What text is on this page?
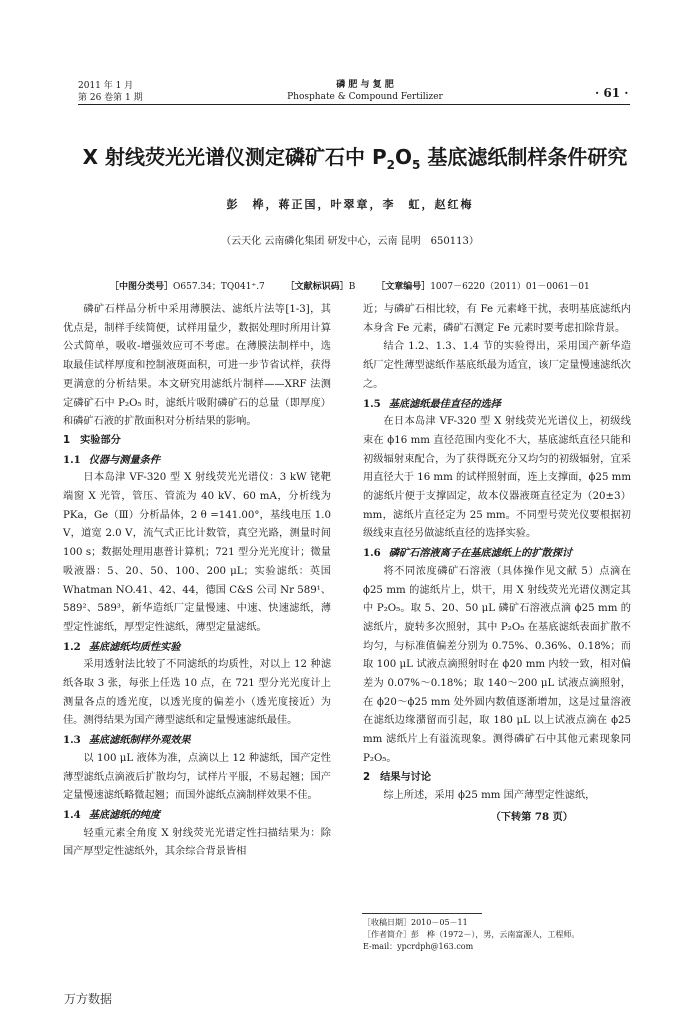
2011 年 1 月
第 26 卷第 1 期
磷 肥 与 复 肥
Phosphate & Compound Fertilizer	· 61 ·
X 射线荧光光谱仪测定磷矿石中 $P_2O_5$ 基底滤纸制样条件研究
彭　桦，蒋正国，叶翠章，李　虹，赵红梅
（云天化 云南磷化集团 研发中心，云南 昆明　650113）
［中图分类号］O657.34；TQ041⁺.7 ［文献标识码］B ［文章编号］1007－6220（2011）01－0061－01

磷矿石样品分析中采用薄膜法、滤纸片法等[1-3]，其优点是，制样手续简便，试样用量少，数据处理时所用计算公式简单，吸收-增强效应可不考虑。在薄膜法制样中，选取最佳试样厚度和控制液斑面积，可进一步节省试样，获得更满意的分析结果。本文研究用滤纸片制样——XRF 法测定磷矿石中 P₂O₅ 时，滤纸片吸附磷矿石的总量（即厚度）和磷矿石液的扩散面积对分析结果的影响。

1 实验部分
1.1 仪器与测量条件

日本岛津 VF-320 型 X 射线荧光光谱仪：3 kW 铑靶端窗 X 光管，管压、管流为 40 kV、60 mA，分析线为 PKa，Ge（Ⅲ）分析晶体，2 θ =141.00°，基线电压 1.0 V，道宽 2.0 V，流气式正比计数管，真空光路，测量时间 100 s；数据处理用惠普计算机；721 型分光光度计；微量吸液器：5、20、50、100、200 μL；实验滤纸：英国 Whatman NO.41、42、44，德国 C&S 公司 Nr 589¹、589²、589³，新华造纸厂定量慢速、中速、快速滤纸，薄型定性滤纸，厚型定性滤纸，薄型定量滤纸。

1.2 基底滤纸均质性实验

采用透射法比较了不同滤纸的均质性，对以上 12 种滤纸各取 3 张，每张上任选 10 点，在 721 型分光光度计上测量各点的透光度，以透光度的偏差小（透光度接近）为佳。测得结果为国产薄型滤纸和定量慢速滤纸最佳。

1.3 基底滤纸制样外观效果

以 100 μL 液体为准，点滴以上 12 种滤纸，国产定性薄型滤纸点滴液后扩散均匀，试样片平服，不易起翘；国产定量慢速滤纸略微起翘；而国外滤纸点滴制样效果不佳。

1.4 基底滤纸的纯度

轻重元素全角度 X 射线荧光光谱定性扫描结果为：除国产厚型定性滤纸外，其余综合背景皆相

近；与磷矿石相比较，有 Fe 元素峰干扰，表明基底滤纸内本身含 Fe 元素，磷矿石测定 Fe 元素时要考虑扣除背景。

结合 1.2、1.3、1.4 节的实验得出，采用国产新华造纸厂定性薄型滤纸作基底纸最为适宜，该厂定量慢速滤纸次之。

1.5 基底滤纸最佳直径的选择

在日本岛津 VF-320 型 X 射线荧光光谱仪上，初级线束在 ϕ16 mm 直径范围内变化不大，基底滤纸直径只能和初级辐射束配合，为了获得既充分又均匀的初级辐射，宜采用直径大于 16 mm 的试样照射面，连上支撑面，ϕ25 mm 的滤纸片便于支撑固定，故本仪器液斑直径定为（20±3）mm，滤纸片直径定为 25 mm。不同型号荧光仪要根据初级线束直径另做滤纸直径的选择实验。

1.6 磷矿石溶液离子在基底滤纸上的扩散探讨

将不同浓度磷矿石溶液（具体操作见文献 5）点滴在 ϕ25 mm 的滤纸片上，烘干，用 X 射线荧光光谱仪测定其中 P₂O₅。取 5、20、50 μL 磷矿石溶液点滴 ϕ25 mm 的滤纸片，旋转多次照射，其中 P₂O₅ 在基底滤纸表面扩散不均匀，与标准值偏差分别为 0.75%、0.36%、0.18%；而取 100 μL 试液点滴照射时在 ϕ20 mm 内较一致，相对偏差为 0.07%～0.18%；取 140～200 μL 试液点滴照射，在 ϕ20～ϕ25 mm 处外圆内数值逐渐增加，这是过量溶液在滤纸边缘潴留而引起，取 180 μL 以上试液点滴在 ϕ25 mm 滤纸片上有溢流现象。测得磷矿石中其他元素现象同 P₂O₅。

2 结果与讨论

综上所述，采用 ϕ25 mm 国产薄型定性滤纸，

（下转第 78 页）
［收稿日期］2010－05－11
［作者简介］彭　桦（1972－），男，云南富源人，工程师。
E-mail：ypcrdph@163.com
万方数据
